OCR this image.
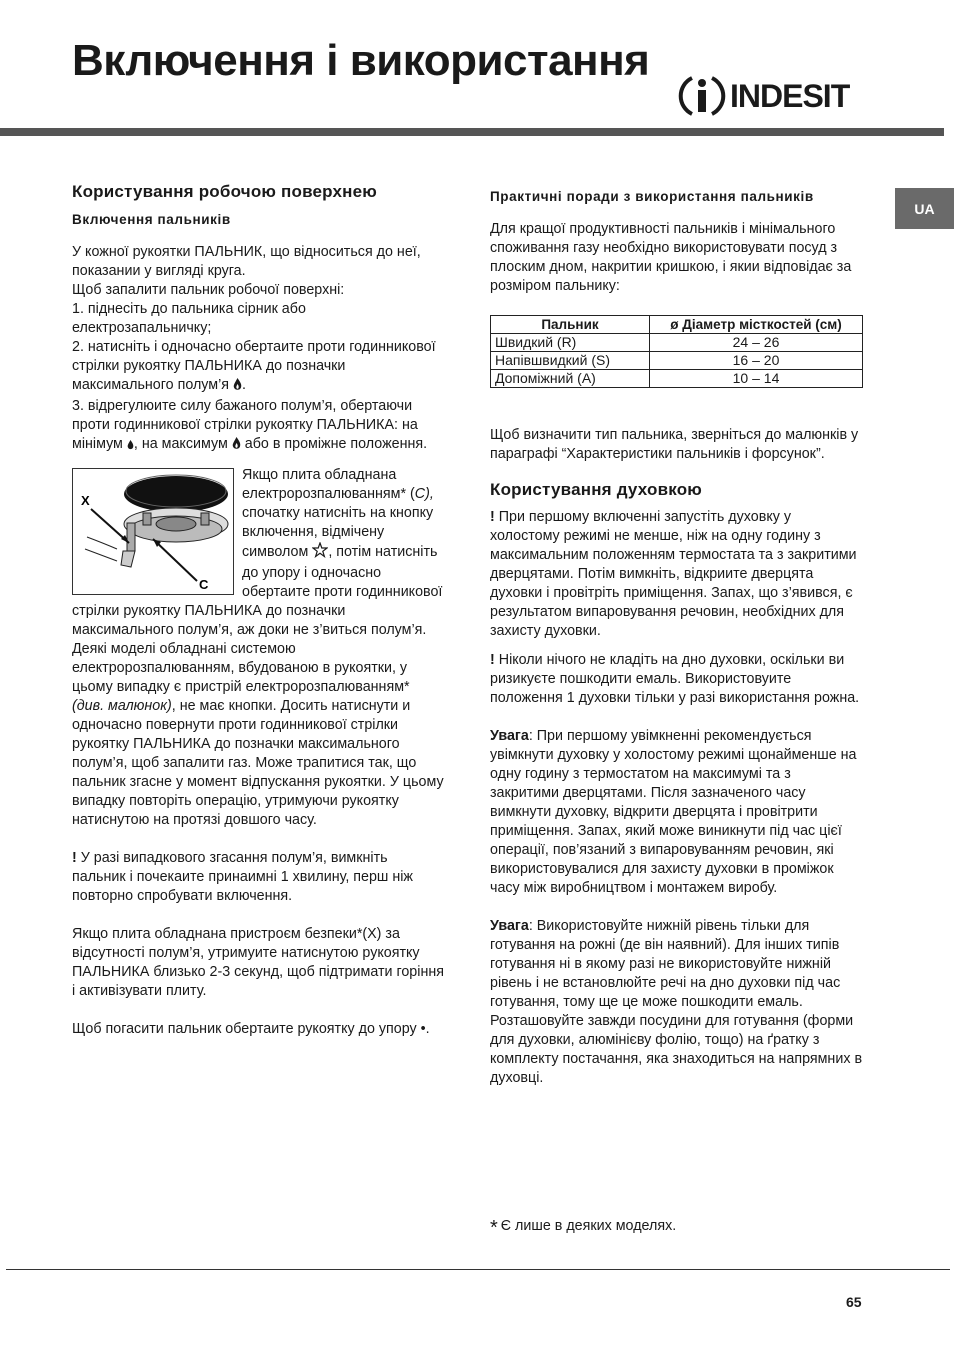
Включення і використання
INDESIT
UA
Користування робочою поверхнею
Включення пальників

У кожної рукоятки ПАЛЬНИК, що відноситься до неї, показании у вигляді круга.

Щоб запалити пальник робочої поверхні:

1. піднесіть до пальника сірник або електрозапальничку;

2. натисніть і одночасно обертаите проти годинникової стрілки рукоятку ПАЛЬНИКА до позначки максимального полум’я .

3. відрегулюите силу бажаного полум’я, обертаючи проти годинникової стрілки рукоятку ПАЛЬНИКА: на мінімум , на максимум або в проміжне положення.

X
C

Якщо плита обладнана електророзпалюванням* (C), спочатку натисніть на кнопку включення, відмічену символом , потім натисніть до упору і одночасно обертаите проти годинникової стрілки рукоятку ПАЛЬНИКА до позначки максимального полум’я, аж доки не з’виться полум’я.

Деякі моделі обладнані системою електророзпалюванням, вбудованою в рукоятки, у цьому випадку є пристрій електророзпалюванням* (див. малюнок), не має кнопки. Досить натиснути и одночасно повернути проти годинникової стрілки рукоятку ПАЛЬНИКА до позначки максимального полум’я, щоб запалити газ. Може трапитися так, що пальник згасне у момент відпускання рукоятки. У цьому випадку повторіть операцію, утримуючи рукоятку натиснутою на протязі довшого часу.

! У разі випадкового згасання полум’я, вимкніть пальник і почекаите принаимні 1 хвилину, перш ніж повторно спробувати включення.

Якщо плита обладнана пристроєм безпеки*(X) за відсутності полум’я, утримуите натиснутою рукоятку ПАЛЬНИКА близько 2-3 секунд, щоб підтримати горіння і активізувати плиту.

Щоб погасити пальник обертаите рукоятку до упору •.

Практичні поради з використання пальників

Для кращої продуктивності пальників і мінімального споживання газу необхідно використовувати посуд з плоским дном, накритии кришкою, і якии відповідає за розміром пальнику:

Пальник	ø Діаметр місткостей (см)
Швидкий (R)	24 – 26
Напівшвидкий (S)	16 – 20
Допоміжний (A)	10 – 14

Щоб визначити тип пальника, зверніться до малюнків у параграфі “Характеристики пальників і форсунок”.

Користування духовкою

! При першому включенні запустіть духовку у холостому режимі не менше, ніж на одну годину з максимальним положенням термостата та з закритими дверцятами. Потім вимкніть, відкриите дверцята духовки і провітріть приміщення. Запах, що з’явився, є результатом випаровування речовин, необхідних для захисту духовки.

! Ніколи нічого не кладіть на дно духовки, оскільки ви ризикуєте пошкодити емаль. Використовуите положення 1 духовки тільки у разі використання рожна.

Увага: При першому увімкненні рекомендується увімкнути духовку у холостому режимі щонайменше на одну годину з термостатом на максимумі та з закритими дверцятами. Після зазначеного часу вимкнути духовку, відкрити дверцята і провітрити приміщення. Запах, який може виникнути під час цієї операції, пов’язаний з випаровуванням речовин, які використовувалися для захисту духовки в проміжок часу між виробництвом і монтажем виробу.

Увага: Використовуйте нижній рівень тільки для готування на рожні (де він наявний). Для інших типів готування ні в якому разі не використовуйте нижній рівень і не встановлюйте речі на дно духовки під час готування, тому ще це може пошкодити емаль. Розташовуйте завжди посудини для готування (форми для духовки, алюмінієву фолію, тощо) на ґратку з комплекту постачання, яка знаходиться на напрямних в духовці.

* Є лише в деяких моделях.
65
